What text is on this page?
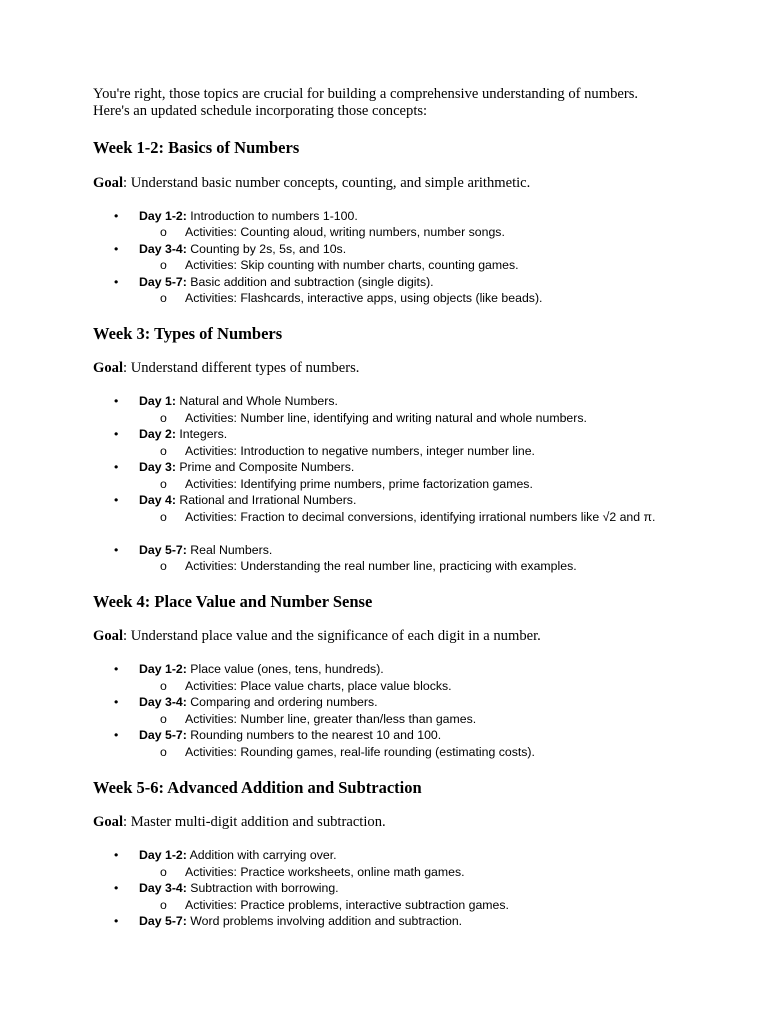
You're right, those topics are crucial for building a comprehensive understanding of numbers.
Here's an updated schedule incorporating those concepts:

Week 1-2: Basics of Numbers

Goal: Understand basic number concepts, counting, and simple arithmetic.

• Day 1-2: Introduction to numbers 1-100.
o Activities: Counting aloud, writing numbers, number songs.
• Day 3-4: Counting by 2s, 5s, and 10s.
o Activities: Skip counting with number charts, counting games.
• Day 5-7: Basic addition and subtraction (single digits).
o Activities: Flashcards, interactive apps, using objects (like beads).
Week 3: Types of Numbers

Goal: Understand different types of numbers.

• Day 1: Natural and Whole Numbers.
o Activities: Number line, identifying and writing natural and whole numbers.
• Day 2: Integers.
o Activities: Introduction to negative numbers, integer number line.
• Day 3: Prime and Composite Numbers.
o Activities: Identifying prime numbers, prime factorization games.
• Day 4: Rational and Irrational Numbers.
o Activities: Fraction to decimal conversions, identifying irrational numbers like √2 and π.
• Day 5-7: Real Numbers.
o Activities: Understanding the real number line, practicing with examples.
Week 4: Place Value and Number Sense

Goal: Understand place value and the significance of each digit in a number.

• Day 1-2: Place value (ones, tens, hundreds).
o Activities: Place value charts, place value blocks.
• Day 3-4: Comparing and ordering numbers.
o Activities: Number line, greater than/less than games.
• Day 5-7: Rounding numbers to the nearest 10 and 100.
o Activities: Rounding games, real-life rounding (estimating costs).
Week 5-6: Advanced Addition and Subtraction

Goal: Master multi-digit addition and subtraction.

• Day 1-2: Addition with carrying over.
o Activities: Practice worksheets, online math games.
• Day 3-4: Subtraction with borrowing.
o Activities: Practice problems, interactive subtraction games.
• Day 5-7: Word problems involving addition and subtraction.
